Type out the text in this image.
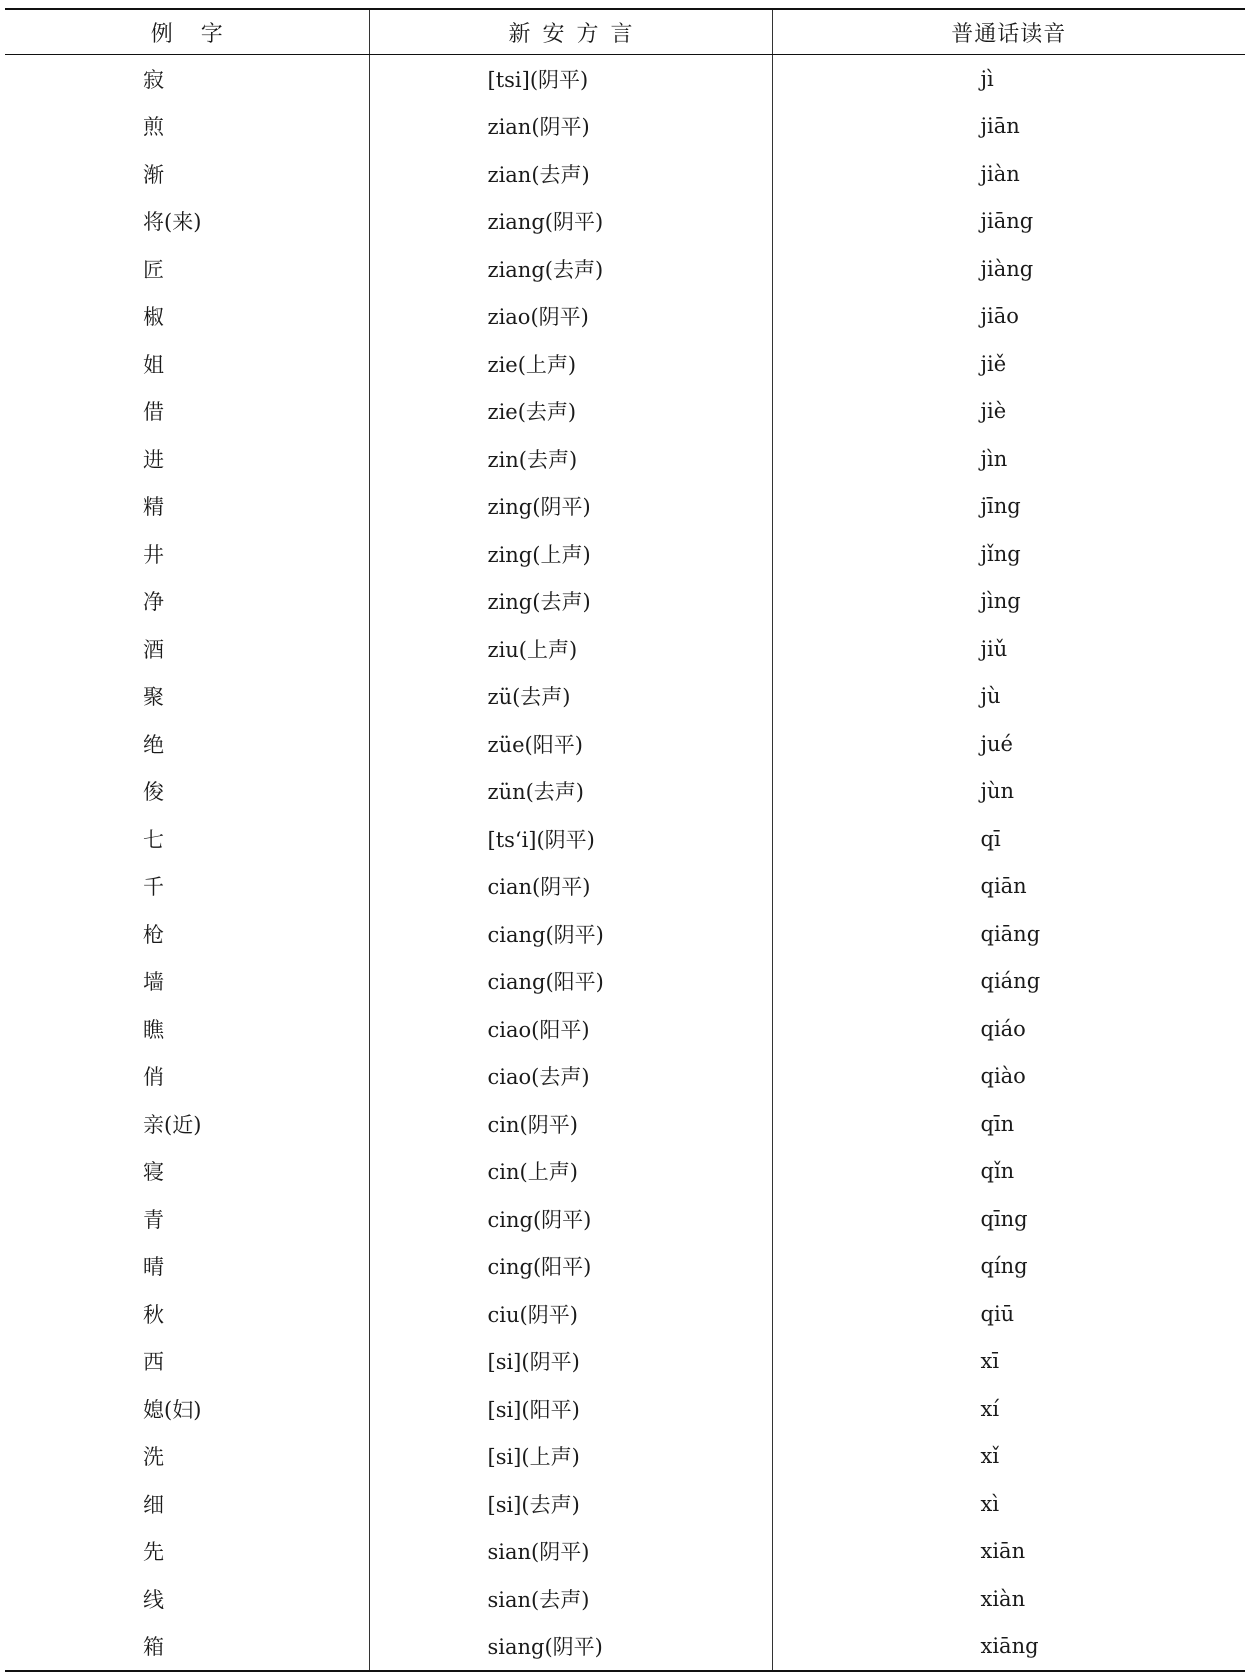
例字	新安方言	普通话读音
寂	[tsi](阴平)	jì
煎	zian(阴平)	jiān
渐	zian(去声)	jiàn
将(来)	ziang(阴平)	jiāng
匠	ziang(去声)	jiàng
椒	ziao(阴平)	jiāo
姐	zie(上声)	jiě
借	zie(去声)	jiè
进	zin(去声)	jìn
精	zing(阴平)	jīng
井	zing(上声)	jǐng
净	zing(去声)	jìng
酒	ziu(上声)	jiǔ
聚	zü(去声)	jù
绝	züe(阳平)	jué
俊	zün(去声)	jùn
七	[ts‘i](阴平)	qī
千	cian(阴平)	qiān
枪	ciang(阴平)	qiāng
墙	ciang(阳平)	qiáng
瞧	ciao(阳平)	qiáo
俏	ciao(去声)	qiào
亲(近)	cin(阴平)	qīn
寝	cin(上声)	qǐn
青	cing(阴平)	qīng
晴	cing(阳平)	qíng
秋	ciu(阴平)	qiū
西	[si](阴平)	xī
媳(妇)	[si](阳平)	xí
洗	[si](上声)	xǐ
细	[si](去声)	xì
先	sian(阴平)	xiān
线	sian(去声)	xiàn
箱	siang(阴平)	xiāng
